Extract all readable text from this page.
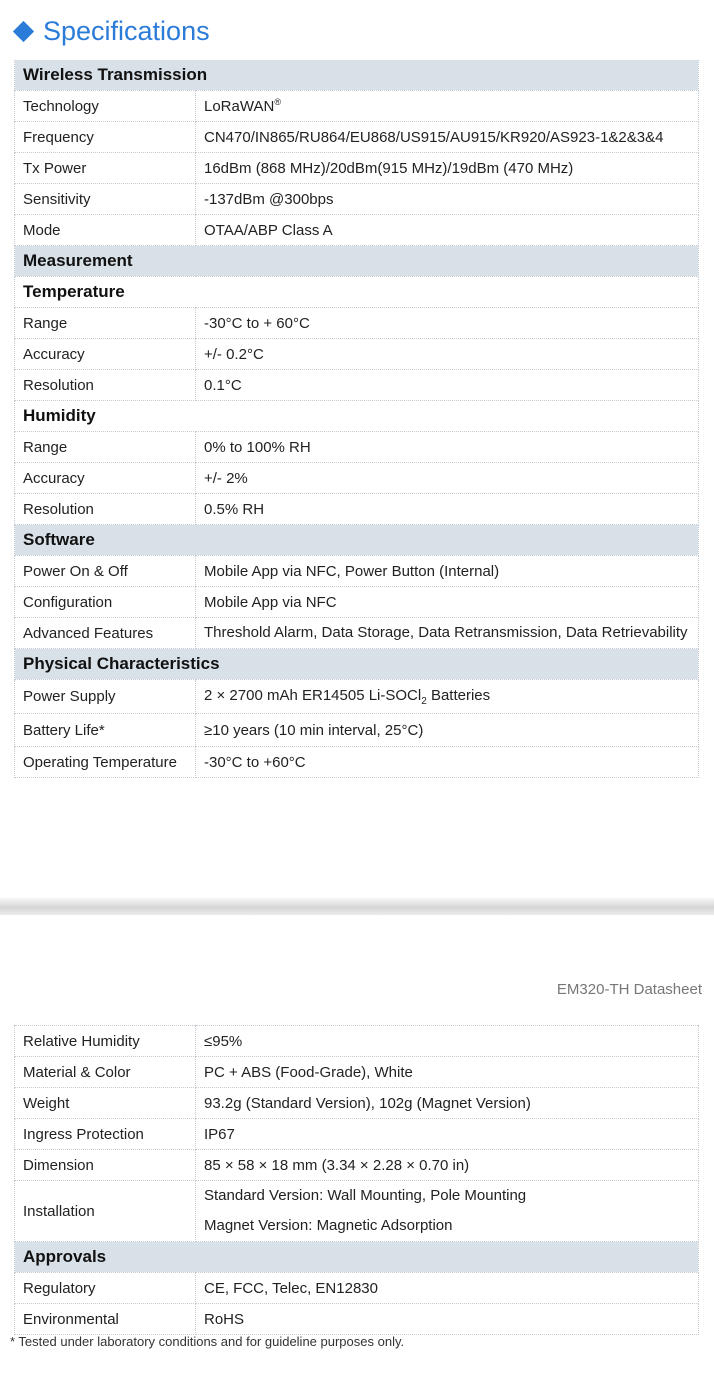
Specifications
Wireless Transmission	
Technology	LoRaWAN®
Frequency	CN470/IN865/RU864/EU868/US915/AU915/KR920/AS923-1&2&3&4
Tx Power	16dBm (868 MHz)/20dBm(915 MHz)/19dBm (470 MHz)
Sensitivity	-137dBm @300bps
Mode	OTAA/ABP Class A
Measurement	
Temperature	
Range	-30°C to + 60°C
Accuracy	+/- 0.2°C
Resolution	0.1°C
Humidity	
Range	0% to 100% RH
Accuracy	+/- 2%
Resolution	0.5% RH
Software	
Power On & Off	Mobile App via NFC, Power Button (Internal)
Configuration	Mobile App via NFC
Advanced Features	Threshold Alarm, Data Storage, Data Retransmission, Data Retrievability
Physical Characteristics	
Power Supply	2 × 2700 mAh ER14505 Li-SOCl$_2$ Batteries
Battery Life*	≥10 years (10 min interval, 25°C)
Operating Temperature	-30°C to +60°C
EM320-TH Datasheet
Relative Humidity	≤95%
Material & Color	PC + ABS (Food-Grade), White
Weight	93.2g (Standard Version), 102g (Magnet Version)
Ingress Protection	IP67
Dimension	85 × 58 × 18 mm (3.34 × 2.28 × 0.70 in)
Installation	Standard Version: Wall Mounting, Pole Mounting
Magnet Version: Magnetic Adsorption

Approvals	
Regulatory	CE, FCC, Telec, EN12830
Environmental	RoHS
* Tested under laboratory conditions and for guideline purposes only.
